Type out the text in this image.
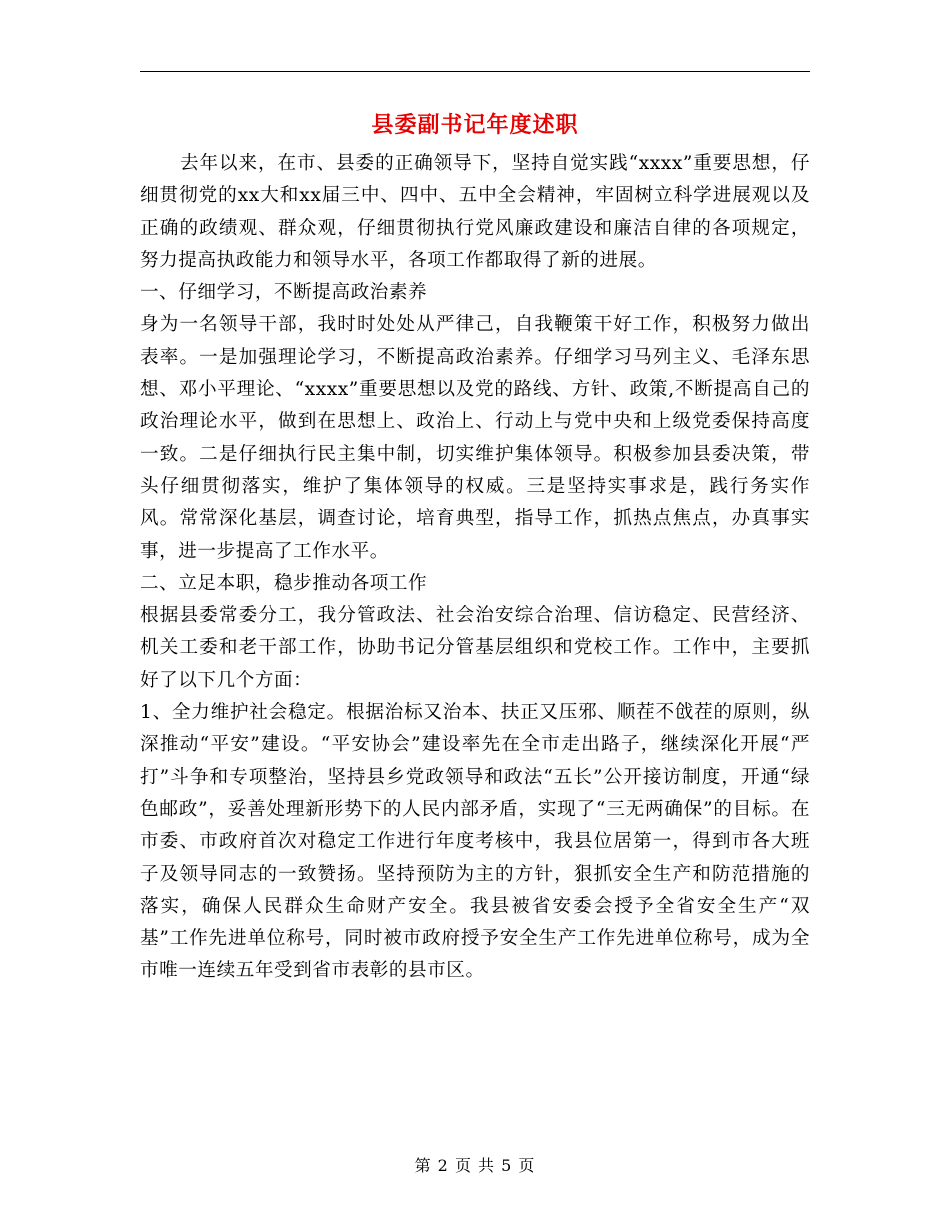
县委副书记年度述职

去年以来，在市、县委的正确领导下，坚持自觉实践“xxxx”重要思想，仔细贯彻党的xx大和xx届三中、四中、五中全会精神，牢固树立科学进展观以及正确的政绩观、群众观，仔细贯彻执行党风廉政建设和廉洁自律的各项规定，努力提高执政能力和领导水平，各项工作都取得了新的进展。

一、仔细学习，不断提高政治素养

身为一名领导干部，我时时处处从严律己，自我鞭策干好工作，积极努力做出表率。一是加强理论学习，不断提高政治素养。仔细学习马列主义、毛泽东思想、邓小平理论、“xxxx”重要思想以及党的路线、方针、政策,不断提高自己的政治理论水平，做到在思想上、政治上、行动上与党中央和上级党委保持高度一致。二是仔细执行民主集中制，切实维护集体领导。积极参加县委决策，带头仔细贯彻落实，维护了集体领导的权威。三是坚持实事求是，践行务实作风。常常深化基层，调查讨论，培育典型，指导工作，抓热点焦点，办真事实事，进一步提高了工作水平。

二、立足本职，稳步推动各项工作

根据县委常委分工，我分管政法、社会治安综合治理、信访稳定、民营经济、机关工委和老干部工作，协助书记分管基层组织和党校工作。工作中，主要抓好了以下几个方面：

1、全力维护社会稳定。根据治标又治本、扶正又压邪、顺茬不戗茬的原则，纵深推动“平安”建设。“平安协会”建设率先在全市走出路子，继续深化开展“严打”斗争和专项整治，坚持县乡党政领导和政法“五长”公开接访制度，开通“绿色邮政”，妥善处理新形势下的人民内部矛盾，实现了“三无两确保”的目标。在市委、市政府首次对稳定工作进行年度考核中，我县位居第一，得到市各大班子及领导同志的一致赞扬。坚持预防为主的方针，狠抓安全生产和防范措施的落实，确保人民群众生命财产安全。我县被省安委会授予全省安全生产“双基”工作先进单位称号，同时被市政府授予安全生产工作先进单位称号，成为全市唯一连续五年受到省市表彰的县市区。

第 2 页 共 5 页
